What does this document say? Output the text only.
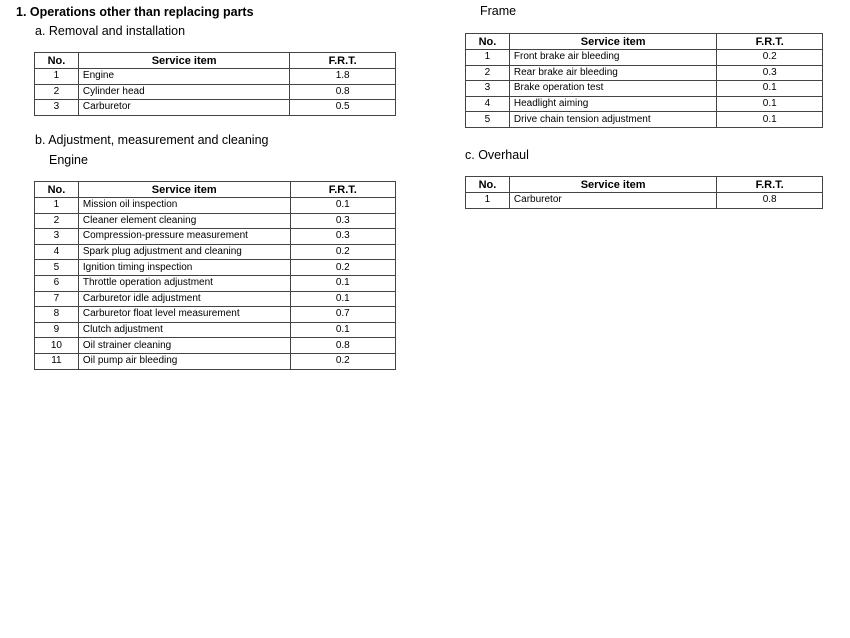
1. Operations other than replacing parts
a. Removal and installation
No.	Service item	F.R.T.
1	Engine	1.8
2	Cylinder head	0.8
3	Carburetor	0.5
b. Adjustment, measurement and cleaning
Engine
No.	Service item	F.R.T.
1	Mission oil inspection	0.1
2	Cleaner element cleaning	0.3
3	Compression-pressure measurement	0.3
4	Spark plug adjustment and cleaning	0.2
5	Ignition timing inspection	0.2
6	Throttle operation adjustment	0.1
7	Carburetor idle adjustment	0.1
8	Carburetor float level measurement	0.7
9	Clutch adjustment	0.1
10	Oil strainer cleaning	0.8
11	Oil pump air bleeding	0.2
Frame
No.	Service item	F.R.T.
1	Front brake air bleeding	0.2
2	Rear brake air bleeding	0.3
3	Brake operation test	0.1
4	Headlight aiming	0.1
5	Drive chain tension adjustment	0.1
c. Overhaul
No.	Service item	F.R.T.
1	Carburetor	0.8
